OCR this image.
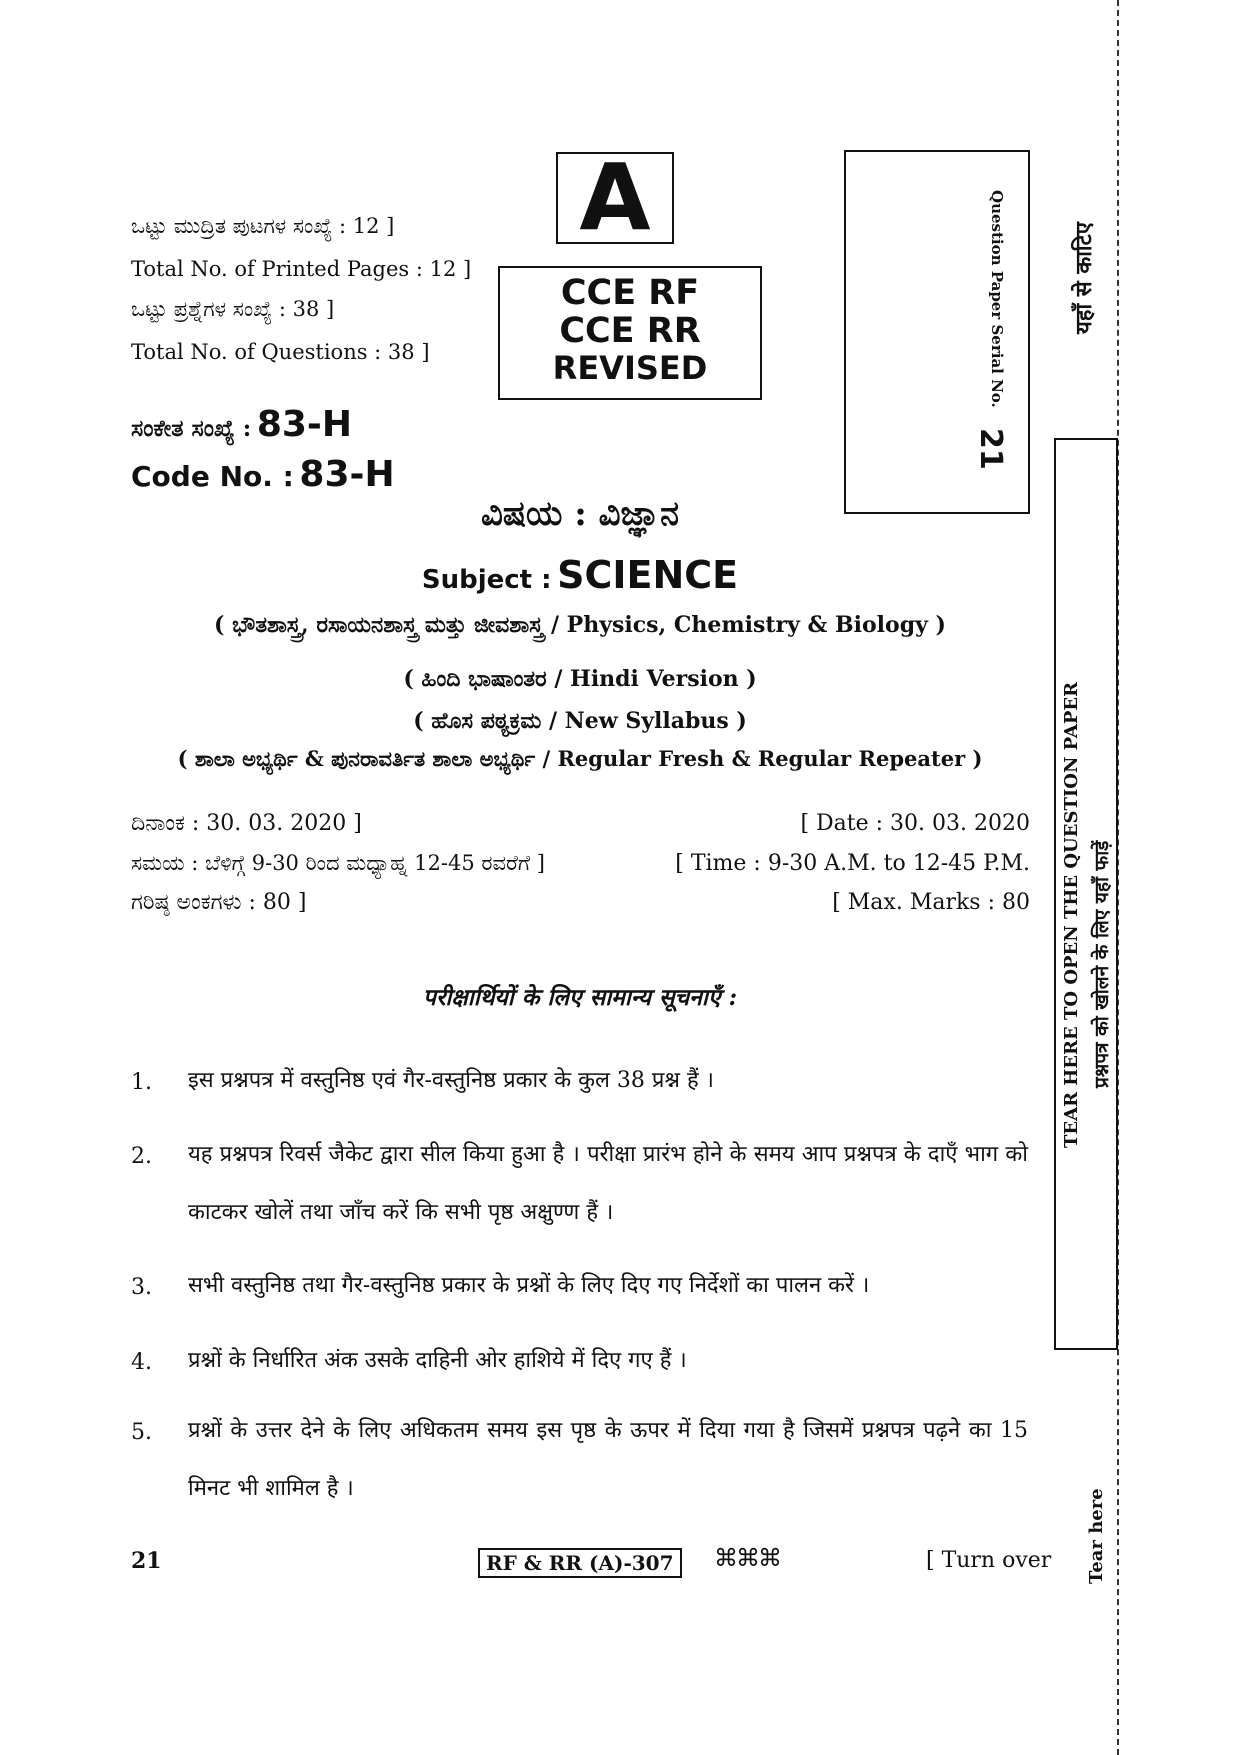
ಒಟ್ಟು ಮುದ್ರಿತ ಪುಟಗಳ ಸಂಖ್ಯೆ : 12 ]
Total No. of Printed Pages : 12 ]
ಒಟ್ಟು ಪ್ರಶ್ನೆಗಳ ಸಂಖ್ಯೆ : 38 ]
Total No. of Questions : 38 ]
ಸಂಕೇತ ಸಂಖ್ಯೆ : 83-H
Code No. : 83-H
A
CCE RF
CCE RR
REVISED	Question Paper Serial No.
21
ವಿಷಯ : ವಿಜ್ಞಾನ
Subject : SCIENCE
( ಭೌತಶಾಸ್ತ್ರ, ರಸಾಯನಶಾಸ್ತ್ರ ಮತ್ತು ಜೀವಶಾಸ್ತ್ರ / Physics, Chemistry & Biology )
( ಹಿಂದಿ ಭಾಷಾಂತರ / Hindi Version )
( ಹೊಸ ಪಠ್ಯಕ್ರಮ / New Syllabus )
( ಶಾಲಾ ಅಭ್ಯರ್ಥಿ & ಪುನರಾವರ್ತಿತ ಶಾಲಾ ಅಭ್ಯರ್ಥಿ / Regular Fresh & Regular Repeater )
ದಿನಾಂಕ : 30. 03. 2020 ]	[ Date : 30. 03. 2020
ಸಮಯ : ಬೆಳಿಗ್ಗೆ 9-30 ರಿಂದ ಮಧ್ಯಾಹ್ನ 12-45 ರವರೆಗೆ ]	[ Time : 9-30 A.M. to 12-45 P.M.
ಗರಿಷ್ಠ ಅಂಕಗಳು : 80 ]	[ Max. Marks : 80
परीक्षार्थियों के लिए सामान्य सूचनाएँ :
1. इस प्रश्नपत्र में वस्तुनिष्ठ एवं गैर-वस्तुनिष्ठ प्रकार के कुल 38 प्रश्न हैं ।
2. यह प्रश्नपत्र रिवर्स जैकेट द्वारा सील किया हुआ है । परीक्षा प्रारंभ होने के समय आप प्रश्नपत्र के दाएँ भाग को काटकर खोलें तथा जाँच करें कि सभी पृष्ठ अक्षुण्ण हैं ।
3. सभी वस्तुनिष्ठ तथा गैर-वस्तुनिष्ठ प्रकार के प्रश्नों के लिए दिए गए निर्देशों का पालन करें ।
4. प्रश्नों के निर्धारित अंक उसके दाहिनी ओर हाशिये में दिए गए हैं ।
5. प्रश्नों के उत्तर देने के लिए अधिकतम समय इस पृष्ठ के ऊपर में दिया गया है जिसमें प्रश्नपत्र पढ़ने का 15 मिनट भी शामिल है ।
21	RF & RR (A)-307	⌘⌘⌘	[ Turn over
यहाँ से काटिए
TEAR HERE TO OPEN THE QUESTION PAPER प्रश्नपत्र को खोलने के लिए यहाँ फाड़ें
Tear here
